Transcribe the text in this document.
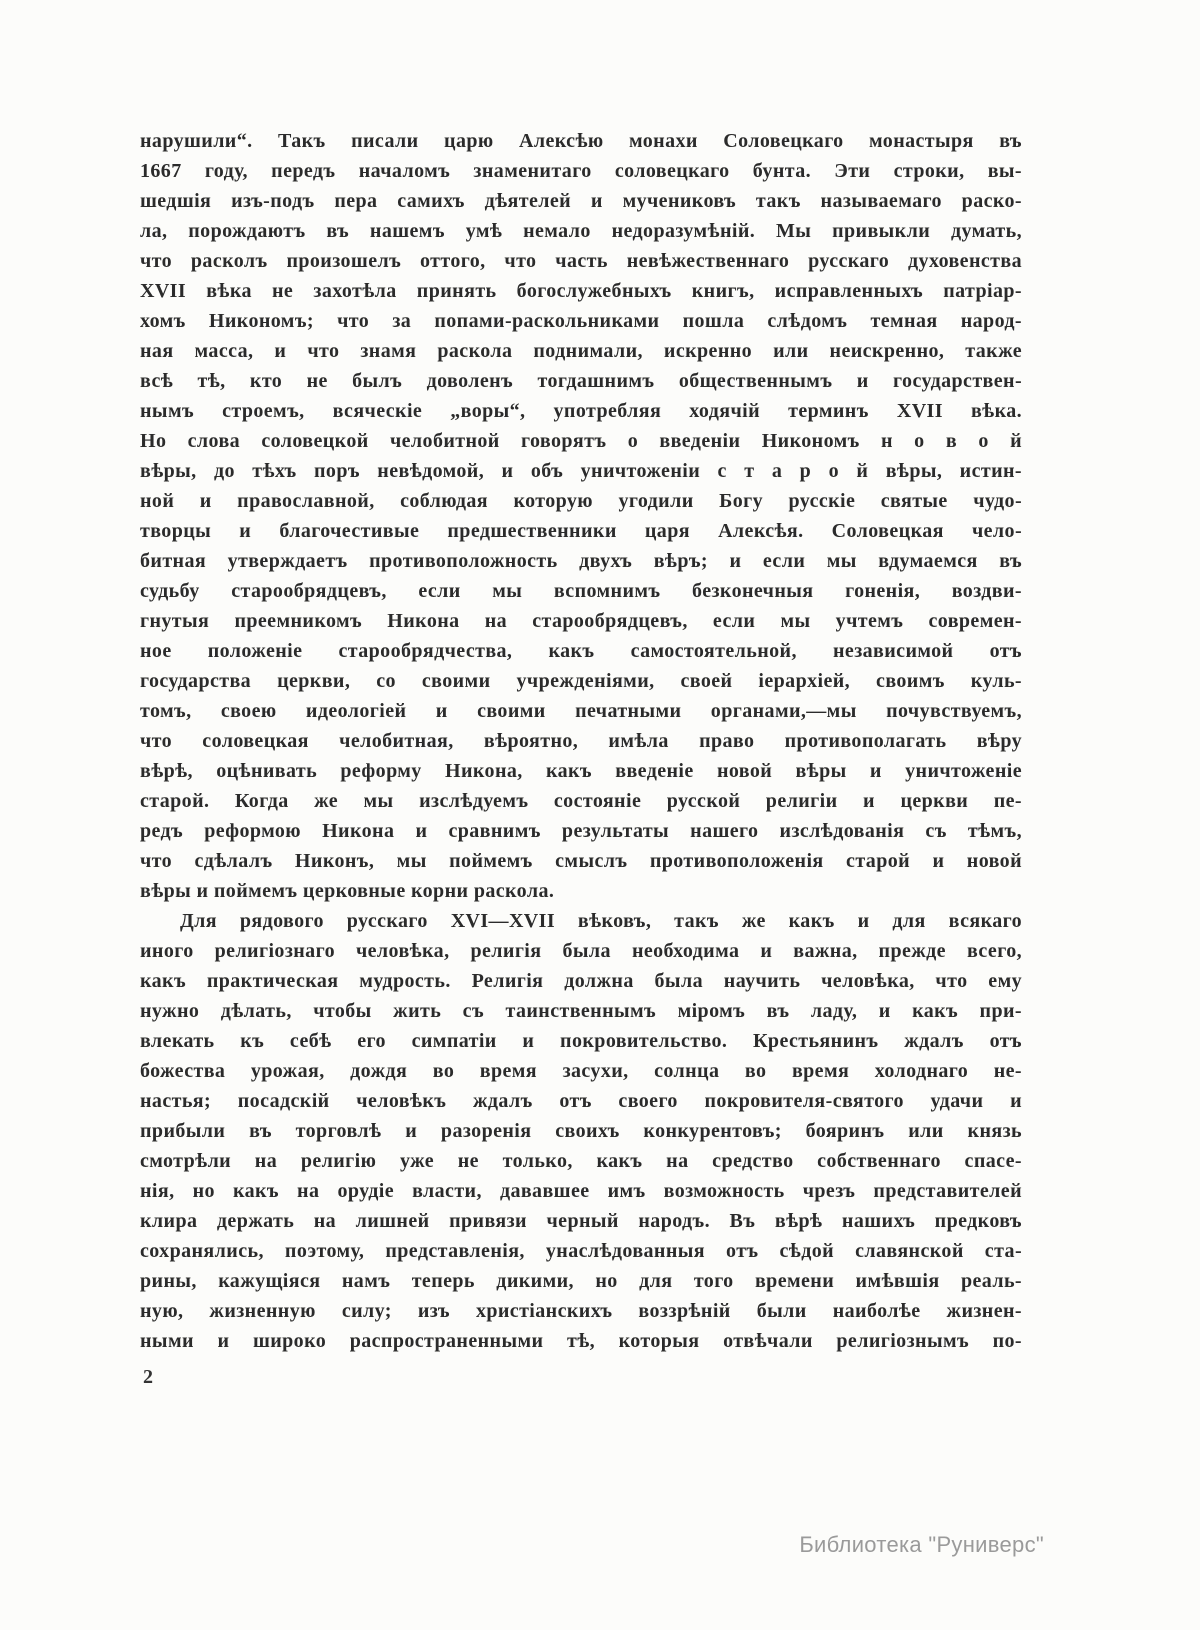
нарушили“. Такъ писали царю Алексѣю монахи Соловецкаго монастыря въ
1667 году, передъ началомъ знаменитаго соловецкаго бунта. Эти строки, вы-
шедшія изъ-подъ пера самихъ дѣятелей и мучениковъ такъ называемаго раско-
ла, порождаютъ въ нашемъ умѣ немало недоразумѣній. Мы привыкли думать,
что расколъ произошелъ оттого, что часть невѣжественнаго русскаго духовенства
XVII вѣка не захотѣла принять богослужебныхъ книгъ, исправленныхъ патріар-
хомъ Никономъ; что за попами-раскольниками пошла слѣдомъ темная народ-
ная масса, и что знамя раскола поднимали, искренно или неискренно, также
всѣ тѣ, кто не былъ доволенъ тогдашнимъ общественнымъ и государствен-
нымъ строемъ, всяческіе „воры“, употребляя ходячій терминъ XVII вѣка.
Но слова соловецкой челобитной говорятъ о введеніи Никономъ н о в о й
вѣры, до тѣхъ поръ невѣдомой, и объ уничтоженіи с т а р о й вѣры, истин-
ной и православной, соблюдая которую угодили Богу русскіе святые чудо-
творцы и благочестивые предшественники царя Алексѣя. Соловецкая чело-
битная утверждаетъ противоположность двухъ вѣръ; и если мы вдумаемся въ
судьбу старообрядцевъ, если мы вспомнимъ безконечныя гоненія, воздви-
гнутыя преемникомъ Никона на старообрядцевъ, если мы учтемъ современ-
ное положеніе старообрядчества, какъ самостоятельной, независимой отъ
государства церкви, со своими учрежденіями, своей іерархіей, своимъ куль-
томъ, своею идеологіей и своими печатными органами,—мы почувствуемъ,
что соловецкая челобитная, вѣроятно, имѣла право противополагать вѣру
вѣрѣ, оцѣнивать реформу Никона, какъ введеніе новой вѣры и уничтоженіе
старой. Когда же мы изслѣдуемъ состояніе русской религіи и церкви пе-
редъ реформою Никона и сравнимъ результаты нашего изслѣдованія съ тѣмъ,
что сдѣлалъ Никонъ, мы поймемъ смыслъ противоположенія старой и новой
вѣры и поймемъ церковные корни раскола.
Для рядового русскаго XVI—XVII вѣковъ, такъ же какъ и для всякаго
иного религіознаго человѣка, религія была необходима и важна, прежде всего,
какъ практическая мудрость. Религія должна была научить человѣка, что ему
нужно дѣлать, чтобы жить съ таинственнымъ міромъ въ ладу, и какъ при-
влекать къ себѣ его симпатіи и покровительство. Крестьянинъ ждалъ отъ
божества урожая, дождя во время засухи, солнца во время холоднаго не-
настья; посадскій человѣкъ ждалъ отъ своего покровителя-святого удачи и
прибыли въ торговлѣ и разоренія своихъ конкурентовъ; бояринъ или князь
смотрѣли на религію уже не только, какъ на средство собственнаго спасе-
нія, но какъ на орудіе власти, дававшее имъ возможность чрезъ представителей
клира держать на лишней привязи черный народъ. Въ вѣрѣ нашихъ предковъ
сохранялись, поэтому, представленія, унаслѣдованныя отъ сѣдой славянской ста-
рины, кажущіяся намъ теперь дикими, но для того времени имѣвшія реаль-
ную, жизненную силу; изъ христіанскихъ воззрѣній были наиболѣе жизнен-
ными и широко распространенными тѣ, которыя отвѣчали религіознымъ по-
2
Библиотека "Руниверс"
